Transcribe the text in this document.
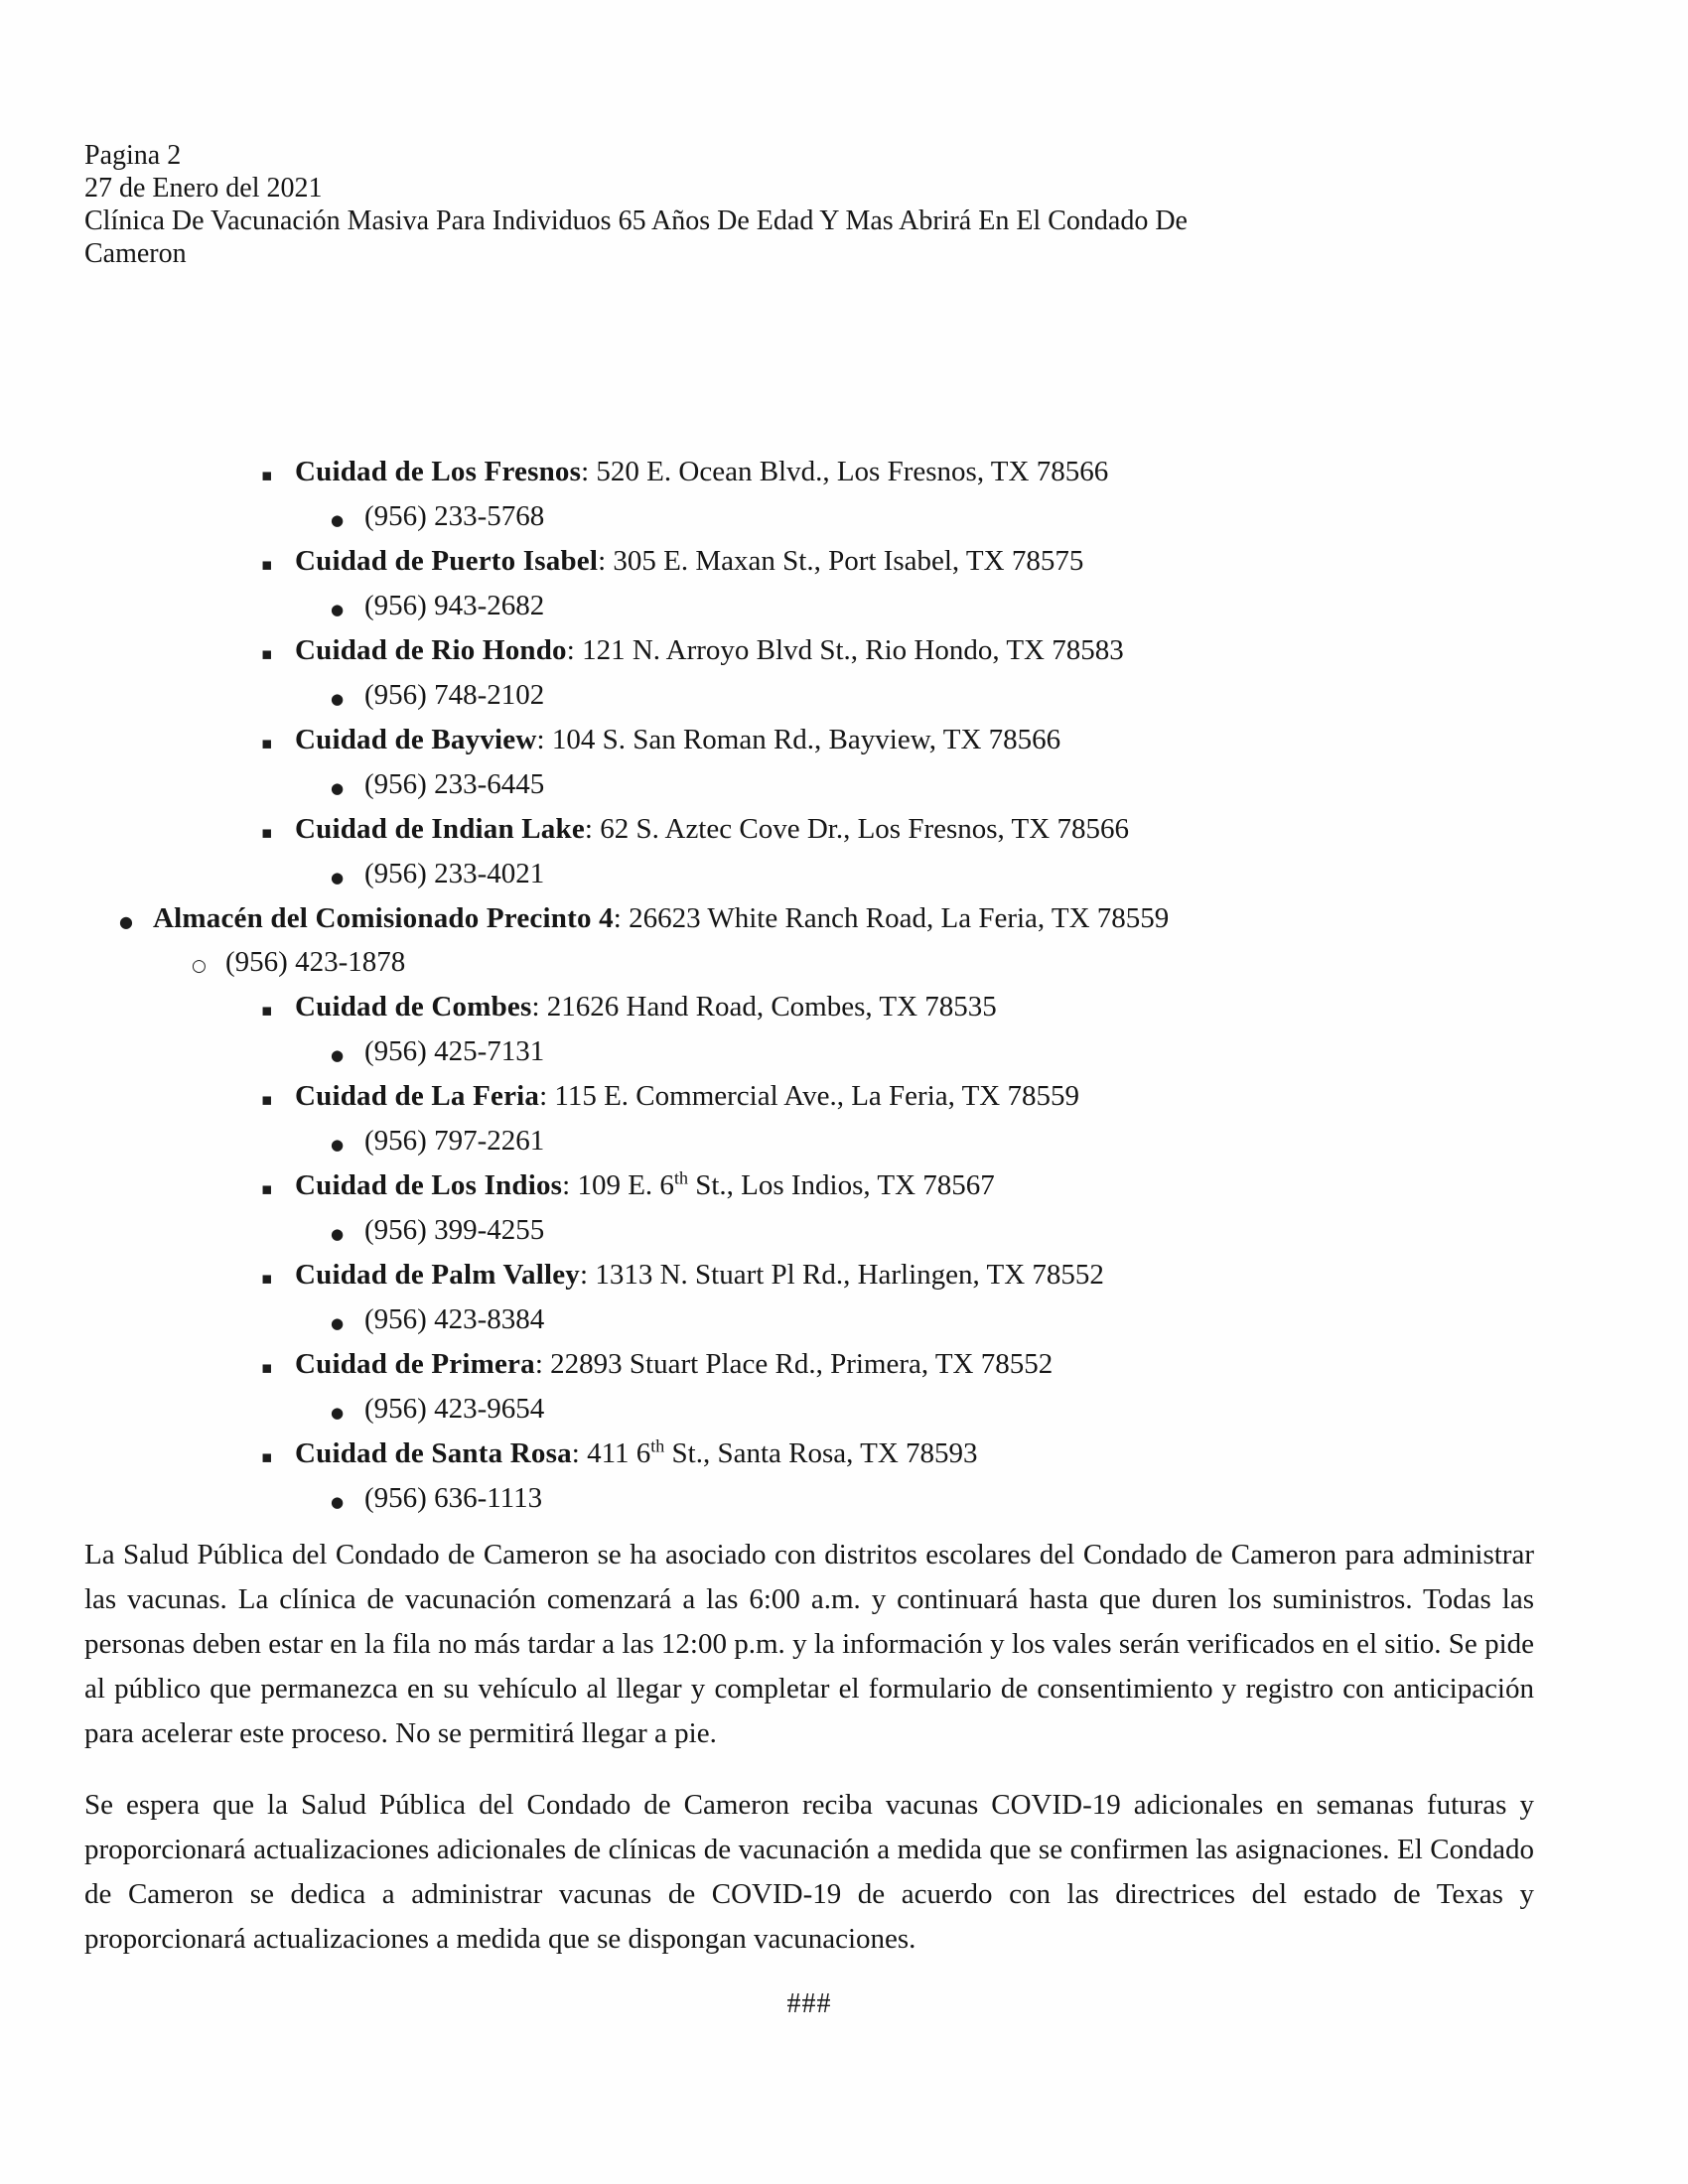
Pagina 2
27 de Enero del 2021
Clínica De Vacunación Masiva Para Individuos 65 Años De Edad Y Mas Abrirá En El Condado De
Cameron
▪ Cuidad de Los Fresnos: 520 E. Ocean Blvd., Los Fresnos, TX 78566
● (956) 233-5768
▪ Cuidad de Puerto Isabel: 305 E. Maxan St., Port Isabel, TX 78575
● (956) 943-2682
▪ Cuidad de Rio Hondo: 121 N. Arroyo Blvd St., Rio Hondo, TX 78583
● (956) 748-2102
▪ Cuidad de Bayview: 104 S. San Roman Rd., Bayview, TX 78566
● (956) 233-6445
▪ Cuidad de Indian Lake: 62 S. Aztec Cove Dr., Los Fresnos, TX 78566
● (956) 233-4021
● Almacén del Comisionado Precinto 4: 26623 White Ranch Road, La Feria, TX 78559
○ (956) 423-1878
▪ Cuidad de Combes: 21626 Hand Road, Combes, TX 78535
● (956) 425-7131
▪ Cuidad de La Feria: 115 E. Commercial Ave., La Feria, TX 78559
● (956) 797-2261
▪ Cuidad de Los Indios: 109 E. 6th St., Los Indios, TX 78567
● (956) 399-4255
▪ Cuidad de Palm Valley: 1313 N. Stuart Pl Rd., Harlingen, TX 78552
● (956) 423-8384
▪ Cuidad de Primera: 22893 Stuart Place Rd., Primera, TX 78552
● (956) 423-9654
▪ Cuidad de Santa Rosa: 411 6th St., Santa Rosa, TX 78593
● (956) 636-1113

La Salud Pública del Condado de Cameron se ha asociado con distritos escolares del Condado de Cameron para administrar las vacunas. La clínica de vacunación comenzará a las 6:00 a.m. y continuará hasta que duren los suministros. Todas las personas deben estar en la fila no más tardar a las 12:00 p.m. y la información y los vales serán verificados en el sitio. Se pide al público que permanezca en su vehículo al llegar y completar el formulario de consentimiento y registro con anticipación para acelerar este proceso. No se permitirá llegar a pie.

Se espera que la Salud Pública del Condado de Cameron reciba vacunas COVID-19 adicionales en semanas futuras y proporcionará actualizaciones adicionales de clínicas de vacunación a medida que se confirmen las asignaciones. El Condado de Cameron se dedica a administrar vacunas de COVID-19 de acuerdo con las directrices del estado de Texas y proporcionará actualizaciones a medida que se dispongan vacunaciones.

###
